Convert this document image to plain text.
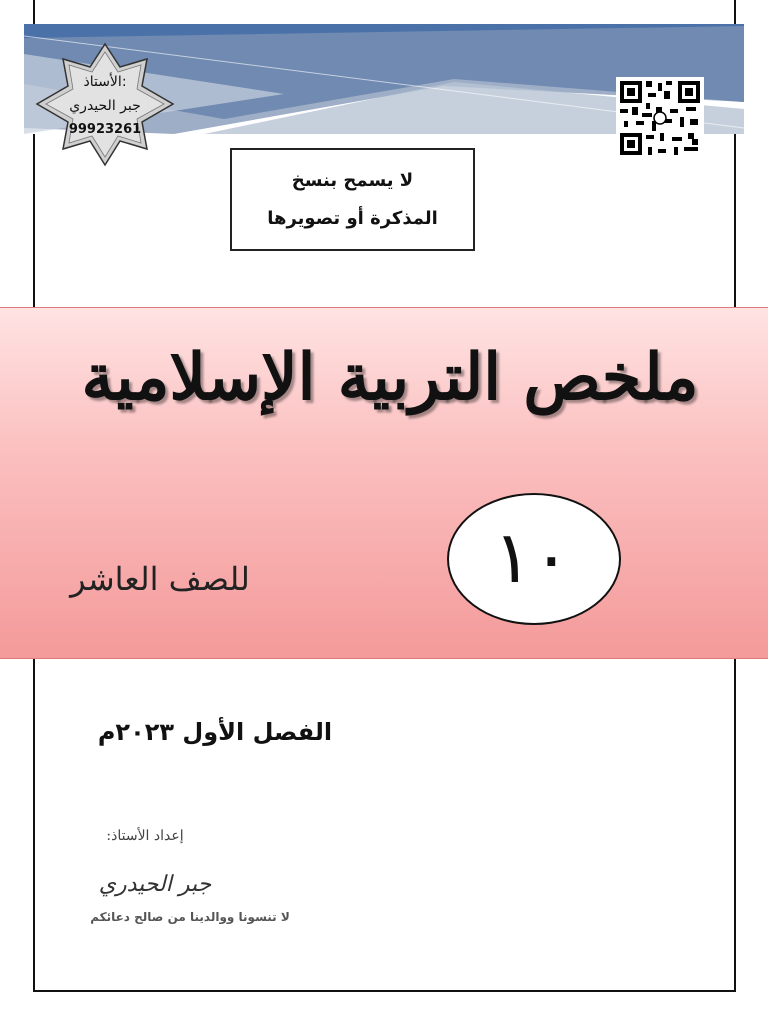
الأستاذ:
جبر الحيدري
99923261
لا يسمح بنسخ
المذكرة أو تصويرها
ملخص التربية الإسلامية
١٠
للصف العاشر
الفصل الأول ٢٠٢٣م
إعداد الأستاذ:
جبر الحيدري
لا تنسونا ووالدينا من صالح دعائكم
